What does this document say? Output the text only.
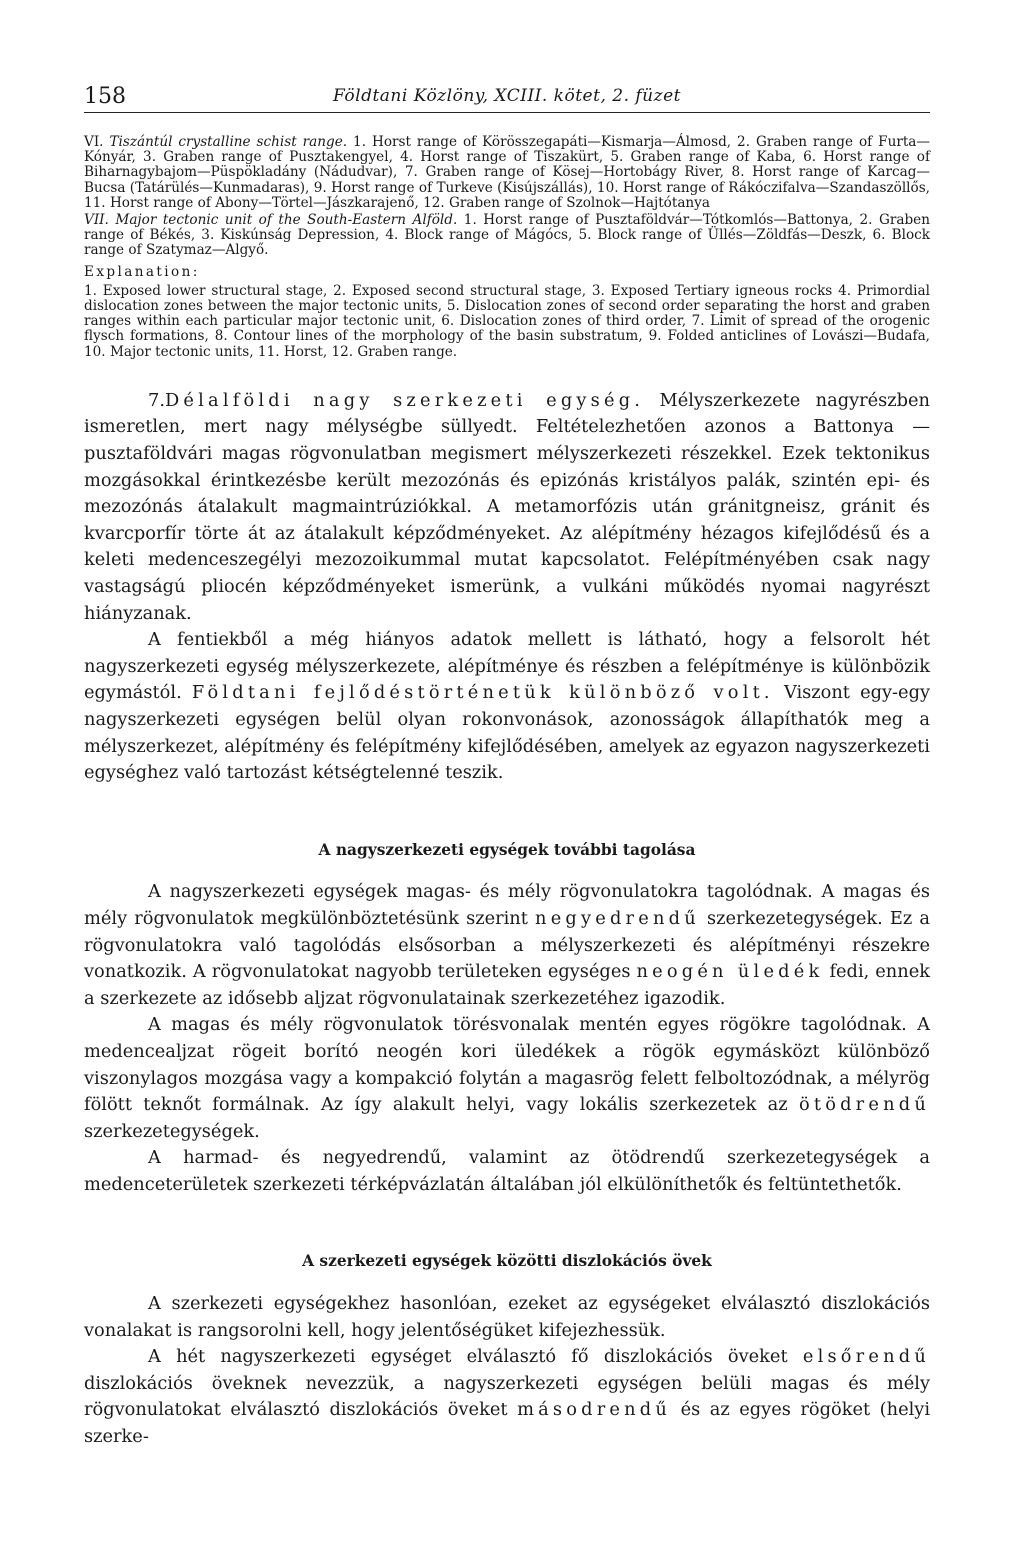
158	Földtani Közlöny, XCIII. kötet, 2. füzet

VI. Tiszántúl crystalline schist range. 1. Horst range of Körösszegapáti—Kismarja—Álmosd, 2. Graben range of Furta—Kónyár, 3. Graben range of Pusztakengyel, 4. Horst range of Tiszakürt, 5. Graben range of Kaba, 6. Horst range of Biharnagybajom—Püspökladány (Nádudvar), 7. Graben range of Kösej—Hortobágy River, 8. Horst range of Karcag—Bucsa (Tatárülés—Kunmadaras), 9. Horst range of Turkeve (Kisújszállás), 10. Horst range of Rákóczifalva—Szandaszöllős, 11. Horst range of Abony—Törtel—Jászkarajenő, 12. Graben range of Szolnok—Hajtótanya

VII. Major tectonic unit of the South-Eastern Alföld. 1. Horst range of Pusztaföldvár—Tótkomlós—Battonya, 2. Graben range of Békés, 3. Kiskúnság Depression, 4. Block range of Mágócs, 5. Block range of Üllés—Zöldfás—Deszk, 6. Block range of Szatymaz—Algyő.

Explanation:

1. Exposed lower structural stage, 2. Exposed second structural stage, 3. Exposed Tertiary igneous rocks 4. Primordial dislocation zones between the major tectonic units, 5. Dislocation zones of second order separating the horst and graben ranges within each particular major tectonic unit, 6. Dislocation zones of third order, 7. Limit of spread of the orogenic flysch formations, 8. Contour lines of the morphology of the basin substratum, 9. Folded anticlines of Lovászi—Budafa, 10. Major tectonic units, 11. Horst, 12. Graben range.

7.Délalföldi nagy szerkezeti egység. Mélyszerkezete nagyrészben ismeretlen, mert nagy mélységbe süllyedt. Feltételezhetően azonos a Battonya — pusztaföldvári magas rögvonulatban megismert mélyszerkezeti részekkel. Ezek tektonikus mozgásokkal érintkezésbe került mezozónás és epizónás kristályos palák, szintén epi- és mezozónás átalakult magmaintrúziókkal. A metamorfózis után gránitgneisz, gránit és kvarcporfír törte át az átalakult képződményeket. Az alépítmény hézagos kifejlődésű és a keleti medenceszegélyi mezozoikummal mutat kapcsolatot. Felépítményében csak nagy vastagságú pliocén képződményeket ismerünk, a vulkáni működés nyomai nagyrészt hiányzanak.

A fentiekből a még hiányos adatok mellett is látható, hogy a felsorolt hét nagyszerkezeti egység mélyszerkezete, alépítménye és részben a felépítménye is különbözik egymástól. Földtani fejlődéstörténetük különböző volt. Viszont egy-egy nagyszerkezeti egységen belül olyan rokonvonások, azonosságok állapíthatók meg a mélyszerkezet, alépítmény és felépítmény kifejlődésében, amelyek az egyazon nagyszerkezeti egységhez való tartozást kétségtelenné teszik.

A nagyszerkezeti egységek további tagolása

A nagyszerkezeti egységek magas- és mély rögvonulatokra tagolódnak. A magas és mély rögvonulatok megkülönböztetésünk szerint negyedrendű szerkezetegységek. Ez a rögvonulatokra való tagolódás elsősorban a mélyszerkezeti és alépítményi részekre vonatkozik. A rögvonulatokat nagyobb területeken egységes neogén üledék fedi, ennek a szerkezete az idősebb aljzat rögvonulatainak szerkezetéhez igazodik.

A magas és mély rögvonulatok törésvonalak mentén egyes rögökre tagolódnak. A medencealjzat rögeit borító neogén kori üledékek a rögök egymásközt különböző viszonylagos mozgása vagy a kompakció folytán a magasrög felett felboltozódnak, a mélyrög fölött teknőt formálnak. Az így alakult helyi, vagy lokális szerkezetek az ötödrendű szerkezetegységek.

A harmad- és negyedrendű, valamint az ötödrendű szerkezetegységek a medenceterületek szerkezeti térképvázlatán általában jól elkülöníthetők és feltüntethetők.

A szerkezeti egységek közötti diszlokációs övek

A szerkezeti egységekhez hasonlóan, ezeket az egységeket elválasztó diszlokációs vonalakat is rangsorolni kell, hogy jelentőségüket kifejezhessük.

A hét nagyszerkezeti egységet elválasztó fő diszlokációs öveket elsőrendű diszlokációs öveknek nevezzük, a nagyszerkezeti egységen belüli magas és mély rögvonulatokat elválasztó diszlokációs öveket másodrendű és az egyes rögöket (helyi szerke-
